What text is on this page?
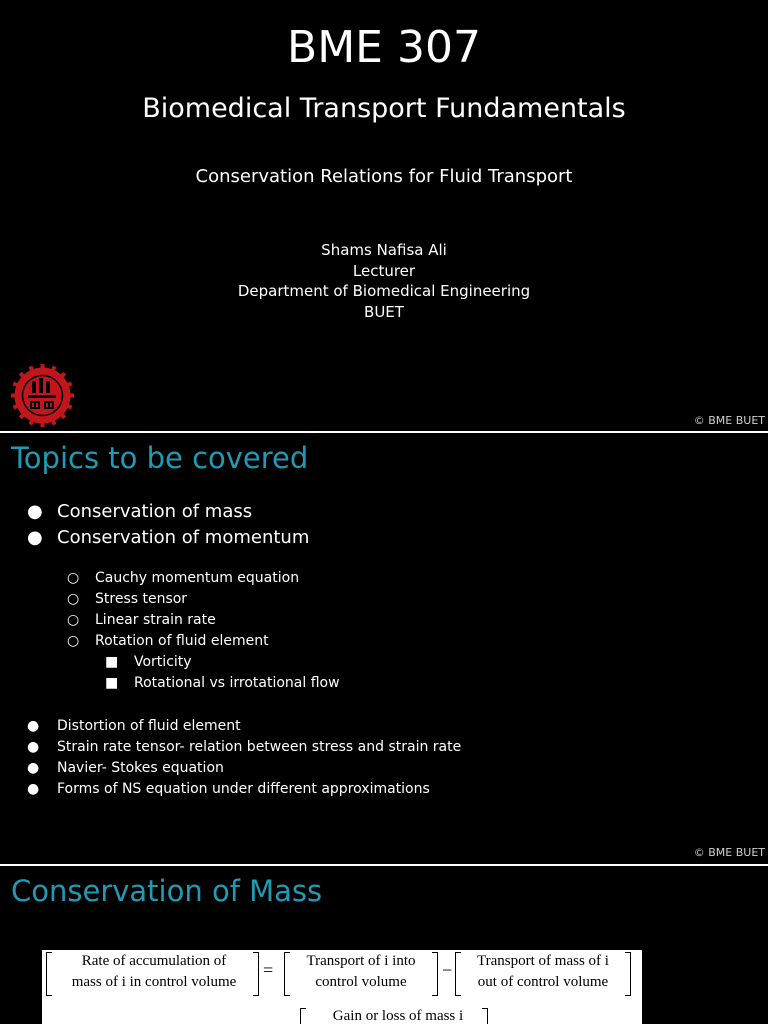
BME 307
Biomedical Transport Fundamentals
Conservation Relations for Fluid Transport
Shams Nafisa Ali
Lecturer
Department of Biomedical Engineering
BUET
© BME BUET
Topics to be covered
● Conservation of mass
● Conservation of momentum
○ Cauchy momentum equation
○ Stress tensor
○ Linear strain rate
○ Rotation of fluid element
■ Vorticity
■ Rotational vs irrotational flow
● Distortion of fluid element
● Strain rate tensor- relation between stress and strain rate
● Navier- Stokes equation
● Forms of NS equation under different approximations
© BME BUET
Conservation of Mass
Rate of accumulation of
mass of i in control volume
=	Transport of i into
control volume
−	Transport of mass of i
out of control volume
Gain or loss of mass i
